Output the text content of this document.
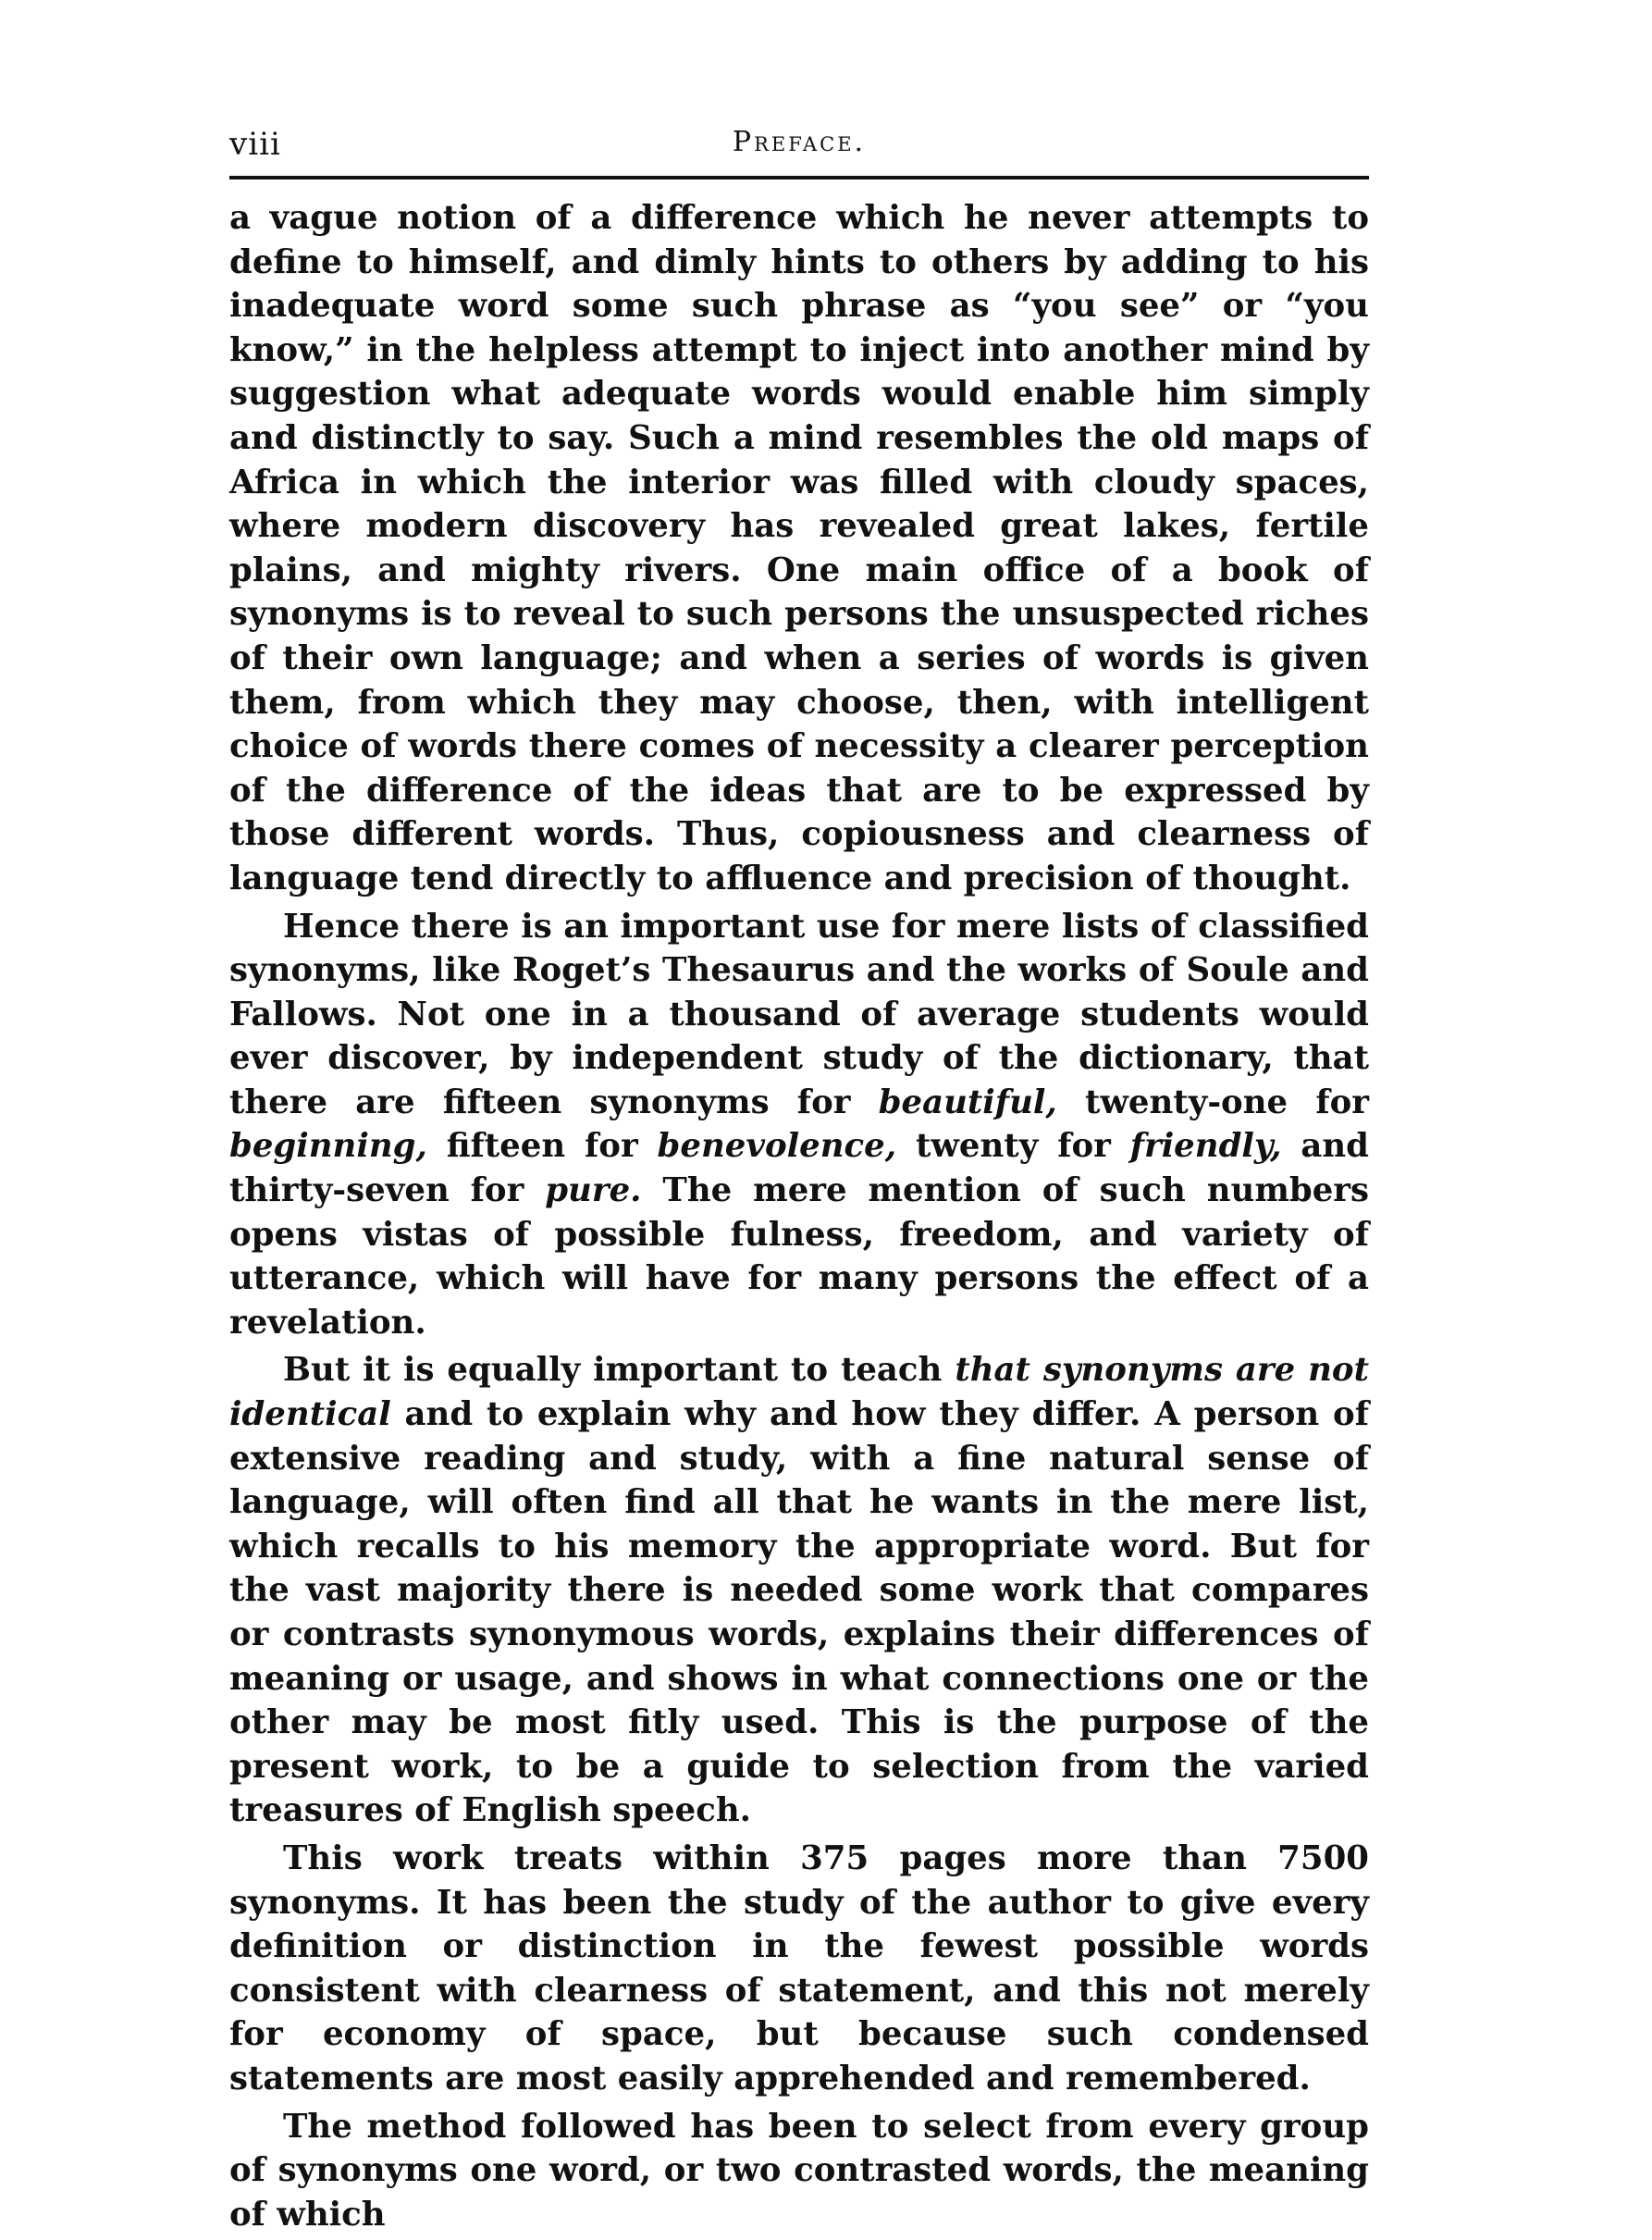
viii	Preface.

a vague notion of a difference which he never attempts to define to himself, and dimly hints to others by adding to his inadequate word some such phrase as “you see” or “you know,” in the helpless attempt to inject into another mind by suggestion what adequate words would enable him simply and distinctly to say. Such a mind resembles the old maps of Africa in which the interior was filled with cloudy spaces, where modern discovery has revealed great lakes, fertile plains, and mighty rivers. One main office of a book of synonyms is to reveal to such persons the unsuspected riches of their own language; and when a series of words is given them, from which they may choose, then, with intelligent choice of words there comes of necessity a clearer perception of the difference of the ideas that are to be expressed by those different words. Thus, copiousness and clearness of language tend directly to affluence and precision of thought.

Hence there is an important use for mere lists of classified synonyms, like Roget’s Thesaurus and the works of Soule and Fallows. Not one in a thousand of average students would ever discover, by independent study of the dictionary, that there are fifteen synonyms for beautiful, twenty-one for beginning, fifteen for benevolence, twenty for friendly, and thirty-seven for pure. The mere mention of such numbers opens vistas of possible fulness, freedom, and variety of utterance, which will have for many persons the effect of a revelation.

But it is equally important to teach that synonyms are not identical and to explain why and how they differ. A person of extensive reading and study, with a fine natural sense of language, will often find all that he wants in the mere list, which recalls to his memory the appropriate word. But for the vast majority there is needed some work that compares or contrasts synonymous words, explains their differences of meaning or usage, and shows in what connections one or the other may be most fitly used. This is the purpose of the present work, to be a guide to selection from the varied treasures of English speech.

This work treats within 375 pages more than 7500 synonyms. It has been the study of the author to give every definition or distinction in the fewest possible words consistent with clearness of statement, and this not merely for economy of space, but because such condensed statements are most easily apprehended and remembered.

The method followed has been to select from every group of synonyms one word, or two contrasted words, the meaning of which
